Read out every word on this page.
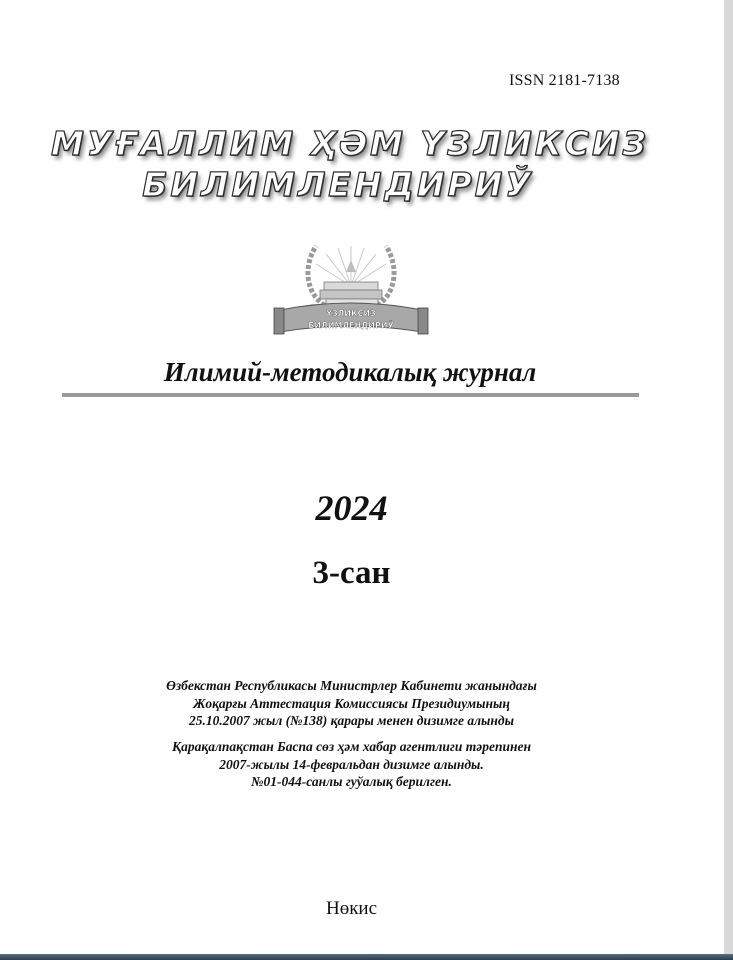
ISSN 2181-7138
МУҒАЛЛИМ ҲӘМ ҮЗЛИКСИЗ
БИЛИМЛЕНДИРИЎ
ҮЗЛИКСИЗ
БИЛИМЛЕНДИРИЎ
Илимий-методикалық журнал
2024
3-сан
Өзбекстан Республикасы Министрлер Кабинети жанындағы
Жоқарғы Аттестация Комиссиясы Президиумының
25.10.2007 жыл (№138) қарары менен дизимге алынды
Қарақалпақстан Баспа сөз ҳәм хабар агентлиги тәрепинен
2007-жылы 14-февральдан дизимге алынды.
№01-044-санлы гуўалық берилген.
Нөкис
